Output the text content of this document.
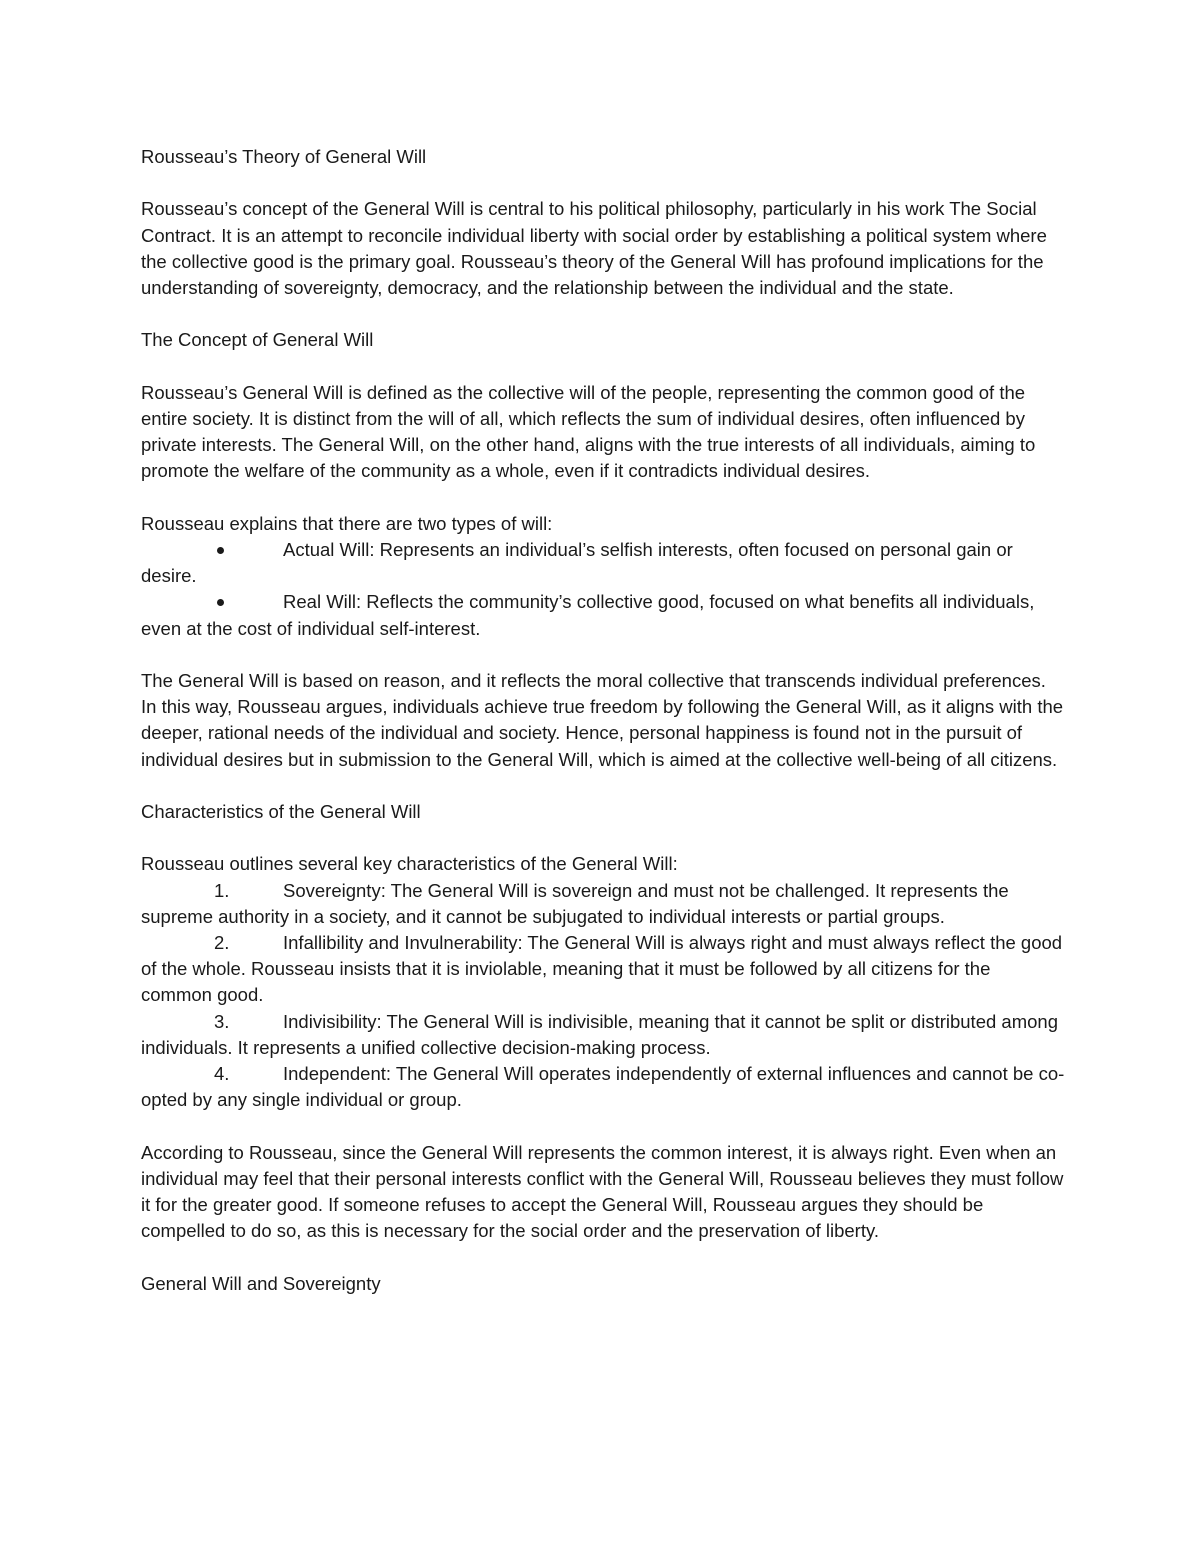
Rousseau’s Theory of General Will

Rousseau’s concept of the General Will is central to his political philosophy, particularly in his work The Social Contract. It is an attempt to reconcile individual liberty with social order by establishing a political system where the collective good is the primary goal. Rousseau’s theory of the General Will has profound implications for the understanding of sovereignty, democracy, and the relationship between the individual and the state.

The Concept of General Will

Rousseau’s General Will is defined as the collective will of the people, representing the common good of the entire society. It is distinct from the will of all, which reflects the sum of individual desires, often influenced by private interests. The General Will, on the other hand, aligns with the true interests of all individuals, aiming to promote the welfare of the community as a whole, even if it contradicts individual desires.

Rousseau explains that there are two types of will:

Actual Will: Represents an individual’s selfish interests, often focused on personal gain or desire.
Real Will: Reflects the community’s collective good, focused on what benefits all individuals, even at the cost of individual self-interest.

The General Will is based on reason, and it reflects the moral collective that transcends individual preferences. In this way, Rousseau argues, individuals achieve true freedom by following the General Will, as it aligns with the deeper, rational needs of the individual and society. Hence, personal happiness is found not in the pursuit of individual desires but in submission to the General Will, which is aimed at the collective well-being of all citizens.

Characteristics of the General Will

Rousseau outlines several key characteristics of the General Will:

1.	Sovereignty: The General Will is sovereign and must not be challenged. It represents the supreme authority in a society, and it cannot be subjugated to individual interests or partial groups.
2.	Infallibility and Invulnerability: The General Will is always right and must always reflect the good of the whole. Rousseau insists that it is inviolable, meaning that it must be followed by all citizens for the common good.
3.	Indivisibility: The General Will is indivisible, meaning that it cannot be split or distributed among individuals. It represents a unified collective decision-making process.
4.	Independent: The General Will operates independently of external influences and cannot be co-opted by any single individual or group.

According to Rousseau, since the General Will represents the common interest, it is always right. Even when an individual may feel that their personal interests conflict with the General Will, Rousseau believes they must follow it for the greater good. If someone refuses to accept the General Will, Rousseau argues they should be compelled to do so, as this is necessary for the social order and the preservation of liberty.

General Will and Sovereignty
